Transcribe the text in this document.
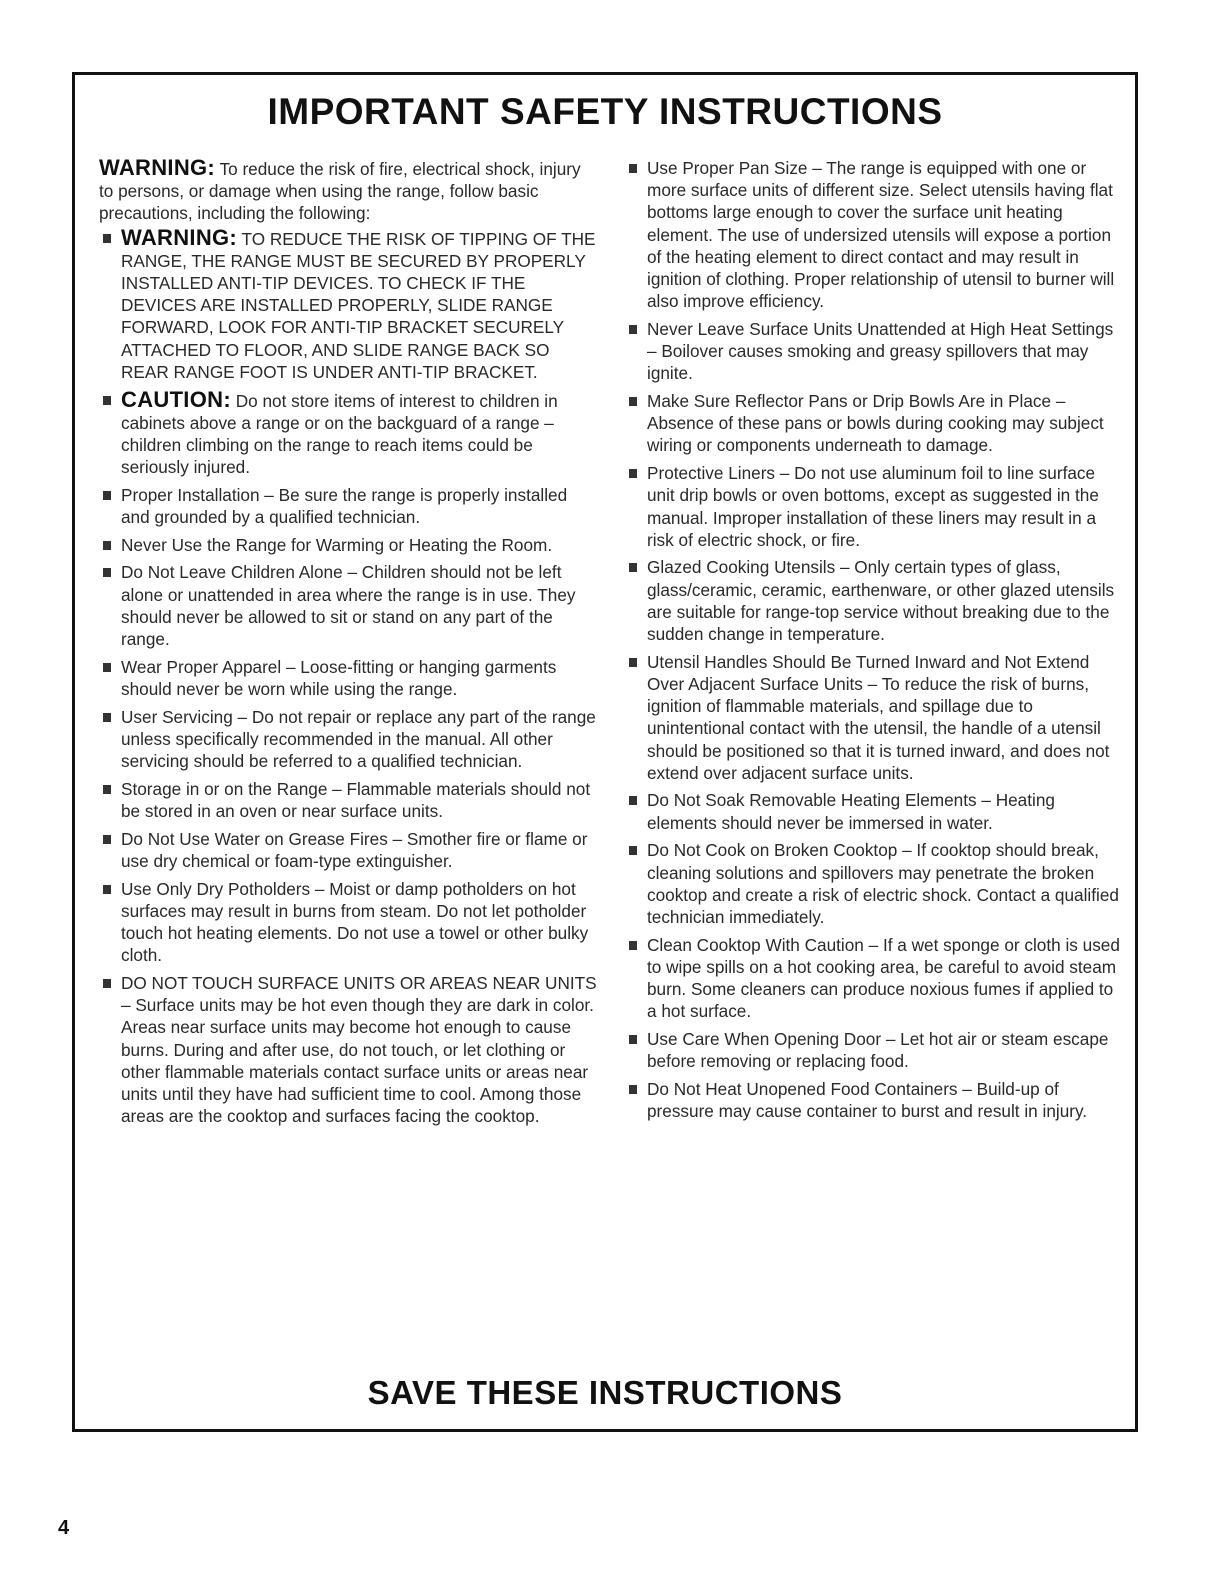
IMPORTANT SAFETY INSTRUCTIONS

WARNING: To reduce the risk of fire, electrical shock, injury to persons, or damage when using the range, follow basic precautions, including the following:

WARNING: TO REDUCE THE RISK OF TIPPING OF THE RANGE, THE RANGE MUST BE SECURED BY PROPERLY INSTALLED ANTI-TIP DEVICES. TO CHECK IF THE DEVICES ARE INSTALLED PROPERLY, SLIDE RANGE FORWARD, LOOK FOR ANTI-TIP BRACKET SECURELY ATTACHED TO FLOOR, AND SLIDE RANGE BACK SO REAR RANGE FOOT IS UNDER ANTI-TIP BRACKET.
CAUTION: Do not store items of interest to children in cabinets above a range or on the backguard of a range – children climbing on the range to reach items could be seriously injured.
Proper Installation – Be sure the range is properly installed and grounded by a qualified technician.
Never Use the Range for Warming or Heating the Room.
Do Not Leave Children Alone – Children should not be left alone or unattended in area where the range is in use. They should never be allowed to sit or stand on any part of the range.
Wear Proper Apparel – Loose-fitting or hanging garments should never be worn while using the range.
User Servicing – Do not repair or replace any part of the range unless specifically recommended in the manual. All other servicing should be referred to a qualified technician.
Storage in or on the Range – Flammable materials should not be stored in an oven or near surface units.
Do Not Use Water on Grease Fires – Smother fire or flame or use dry chemical or foam-type extinguisher.
Use Only Dry Potholders – Moist or damp potholders on hot surfaces may result in burns from steam. Do not let potholder touch hot heating elements. Do not use a towel or other bulky cloth.
DO NOT TOUCH SURFACE UNITS OR AREAS NEAR UNITS – Surface units may be hot even though they are dark in color. Areas near surface units may become hot enough to cause burns. During and after use, do not touch, or let clothing or other flammable materials contact surface units or areas near units until they have had sufficient time to cool. Among those areas are the cooktop and surfaces facing the cooktop.
Use Proper Pan Size – The range is equipped with one or more surface units of different size. Select utensils having flat bottoms large enough to cover the surface unit heating element. The use of undersized utensils will expose a portion of the heating element to direct contact and may result in ignition of clothing. Proper relationship of utensil to burner will also improve efficiency.
Never Leave Surface Units Unattended at High Heat Settings – Boilover causes smoking and greasy spillovers that may ignite.
Make Sure Reflector Pans or Drip Bowls Are in Place – Absence of these pans or bowls during cooking may subject wiring or components underneath to damage.
Protective Liners – Do not use aluminum foil to line surface unit drip bowls or oven bottoms, except as suggested in the manual. Improper installation of these liners may result in a risk of electric shock, or fire.
Glazed Cooking Utensils – Only certain types of glass, glass/ceramic, ceramic, earthenware, or other glazed utensils are suitable for range-top service without breaking due to the sudden change in temperature.
Utensil Handles Should Be Turned Inward and Not Extend Over Adjacent Surface Units – To reduce the risk of burns, ignition of flammable materials, and spillage due to unintentional contact with the utensil, the handle of a utensil should be positioned so that it is turned inward, and does not extend over adjacent surface units.
Do Not Soak Removable Heating Elements – Heating elements should never be immersed in water.
Do Not Cook on Broken Cooktop – If cooktop should break, cleaning solutions and spillovers may penetrate the broken cooktop and create a risk of electric shock. Contact a qualified technician immediately.
Clean Cooktop With Caution – If a wet sponge or cloth is used to wipe spills on a hot cooking area, be careful to avoid steam burn. Some cleaners can produce noxious fumes if applied to a hot surface.
Use Care When Opening Door – Let hot air or steam escape before removing or replacing food.
Do Not Heat Unopened Food Containers – Build-up of pressure may cause container to burst and result in injury.
SAVE THESE INSTRUCTIONS
4
